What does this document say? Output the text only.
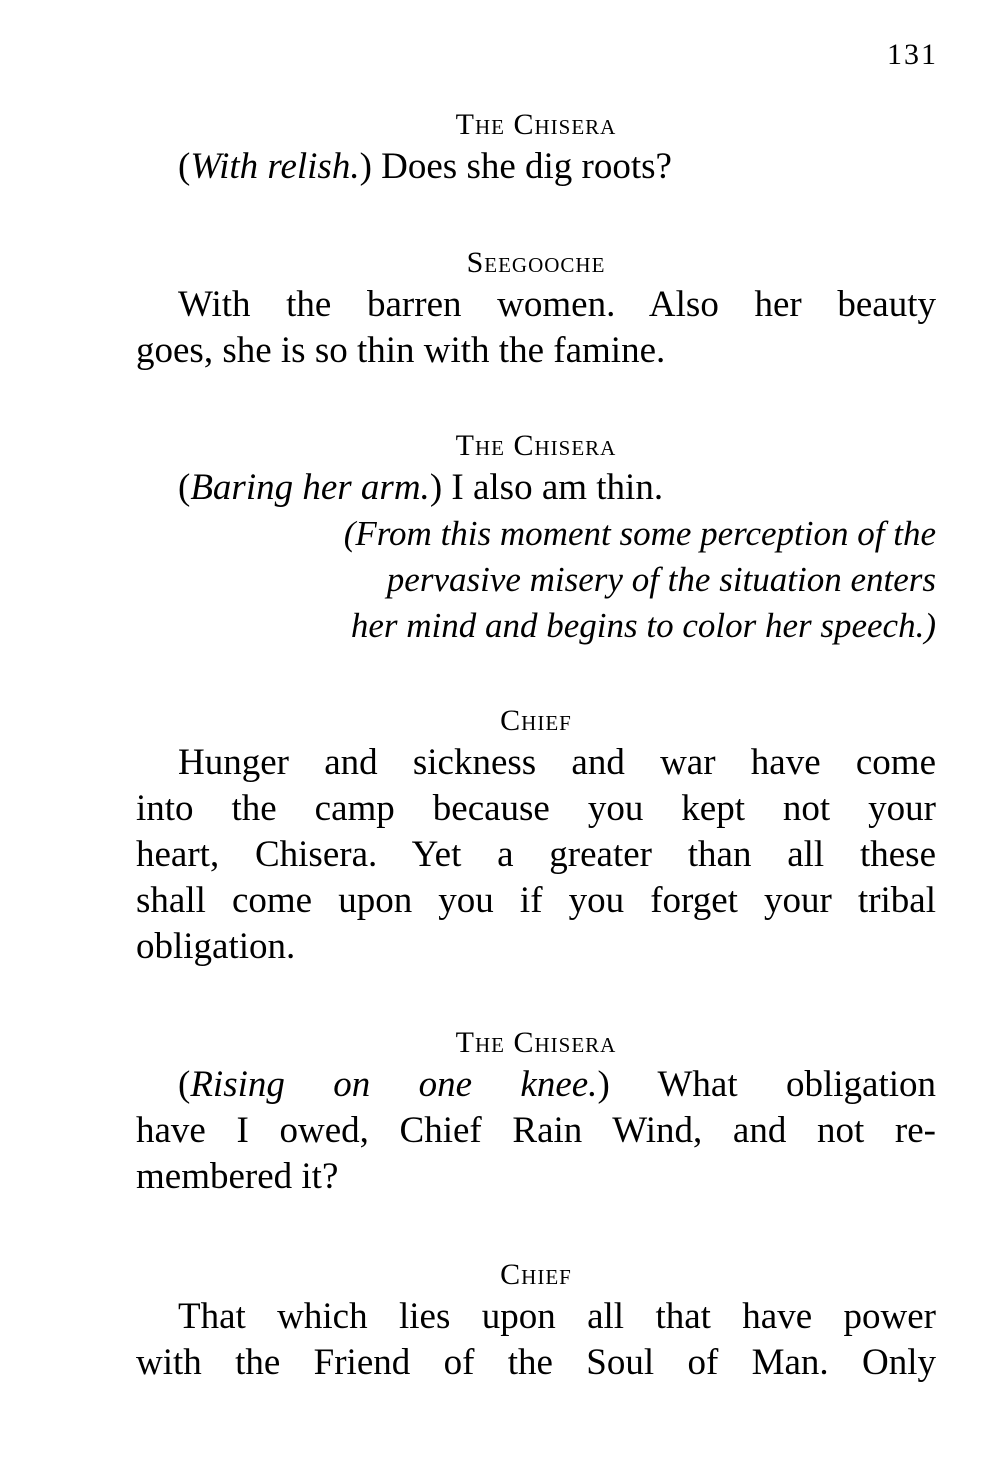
131
The Chisera
(With relish.) Does she dig roots?
Seegooche
With the barren women. Also her beauty
goes, she is so thin with the famine.
The Chisera
(Baring her arm.) I also am thin.
(From this moment some perception of the
pervasive misery of the situation enters
her mind and begins to color her speech.)
Chief
Hunger and sickness and war have come
into the camp because you kept not your
heart, Chisera. Yet a greater than all these
shall come upon you if you forget your tribal
obligation.
The Chisera
(Rising on one knee.) What obligation
have I owed, Chief Rain Wind, and not re-
membered it?
Chief
That which lies upon all that have power
with the Friend of the Soul of Man. Only
